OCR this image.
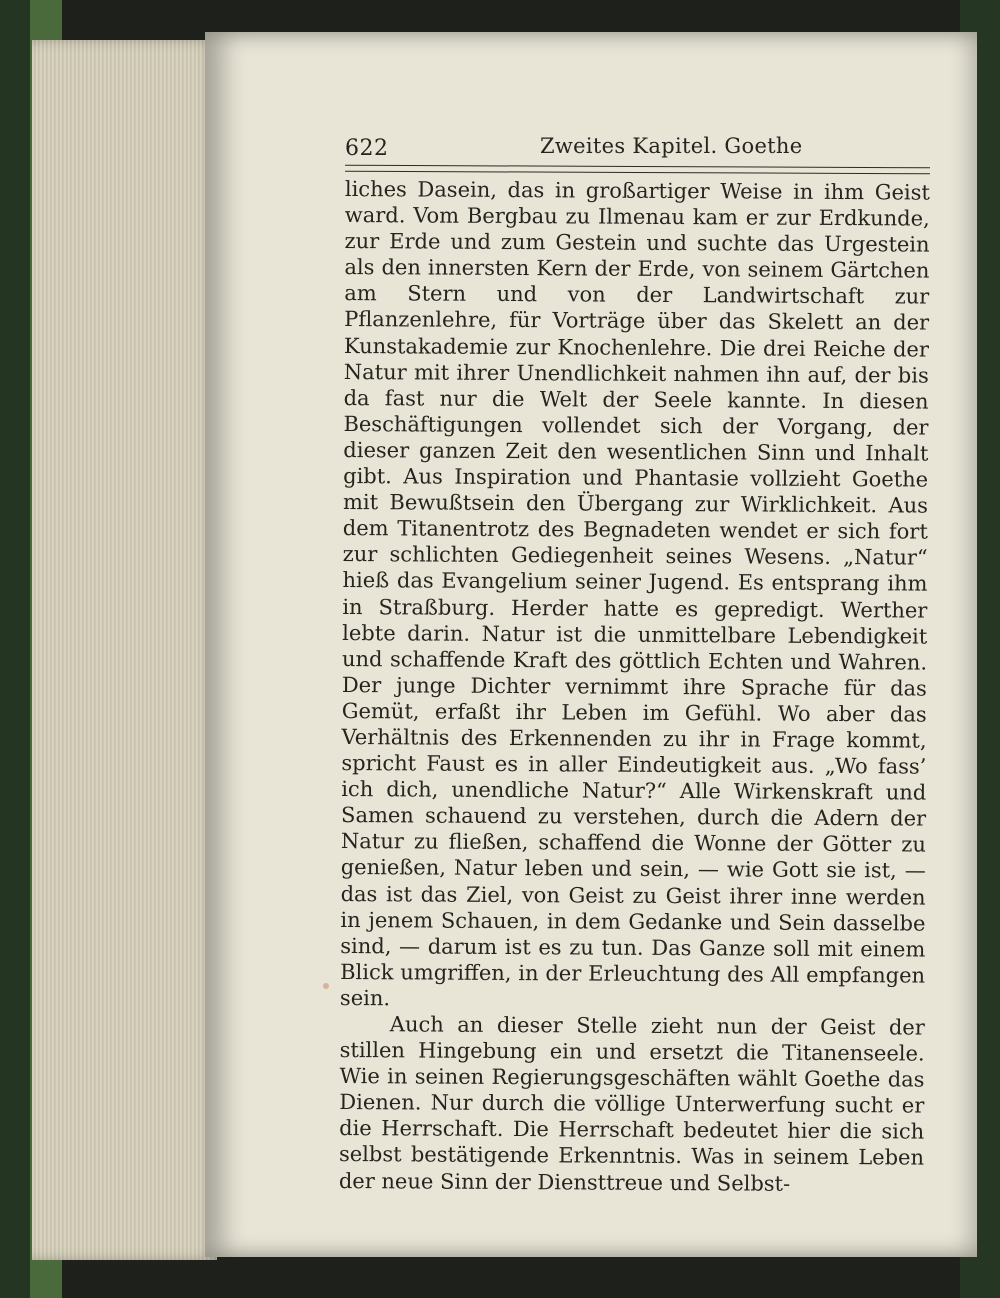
622	Zweites Kapitel. Goethe

liches Dasein, das in großartiger Weise in ihm Geist ward. Vom Bergbau zu Ilmenau kam er zur Erdkunde, zur Erde und zum Gestein und suchte das Urgestein als den innersten Kern der Erde, von seinem Gärtchen am Stern und von der Landwirtschaft zur Pflanzenlehre, für Vorträge über das Skelett an der Kunstakademie zur Knochenlehre. Die drei Reiche der Natur mit ihrer Unendlichkeit nahmen ihn auf, der bis da fast nur die Welt der Seele kannte. In diesen Beschäftigungen vollendet sich der Vorgang, der dieser ganzen Zeit den wesentlichen Sinn und Inhalt gibt. Aus Inspiration und Phantasie vollzieht Goethe mit Bewußtsein den Übergang zur Wirklichkeit. Aus dem Titanentrotz des Begnadeten wendet er sich fort zur schlichten Gediegenheit seines Wesens. „Natur“ hieß das Evangelium seiner Jugend. Es entsprang ihm in Straßburg. Herder hatte es gepredigt. Werther lebte darin. Natur ist die unmittelbare Lebendigkeit und schaffende Kraft des göttlich Echten und Wahren. Der junge Dichter vernimmt ihre Sprache für das Gemüt, erfaßt ihr Leben im Gefühl. Wo aber das Verhältnis des Erkennenden zu ihr in Frage kommt, spricht Faust es in aller Eindeutigkeit aus. „Wo fass’ ich dich, unendliche Natur?“ Alle Wirkenskraft und Samen schauend zu verstehen, durch die Adern der Natur zu fließen, schaffend die Wonne der Götter zu genießen, Natur leben und sein, — wie Gott sie ist, — das ist das Ziel, von Geist zu Geist ihrer inne werden in jenem Schauen, in dem Gedanke und Sein dasselbe sind, — darum ist es zu tun. Das Ganze soll mit einem Blick umgriffen, in der Erleuchtung des All empfangen sein.

Auch an dieser Stelle zieht nun der Geist der stillen Hingebung ein und ersetzt die Titanenseele. Wie in seinen Regierungsgeschäften wählt Goethe das Dienen. Nur durch die völlige Unterwerfung sucht er die Herrschaft. Die Herrschaft bedeutet hier die sich selbst bestätigende Erkenntnis. Was in seinem Leben der neue Sinn der Diensttreue und Selbst-
